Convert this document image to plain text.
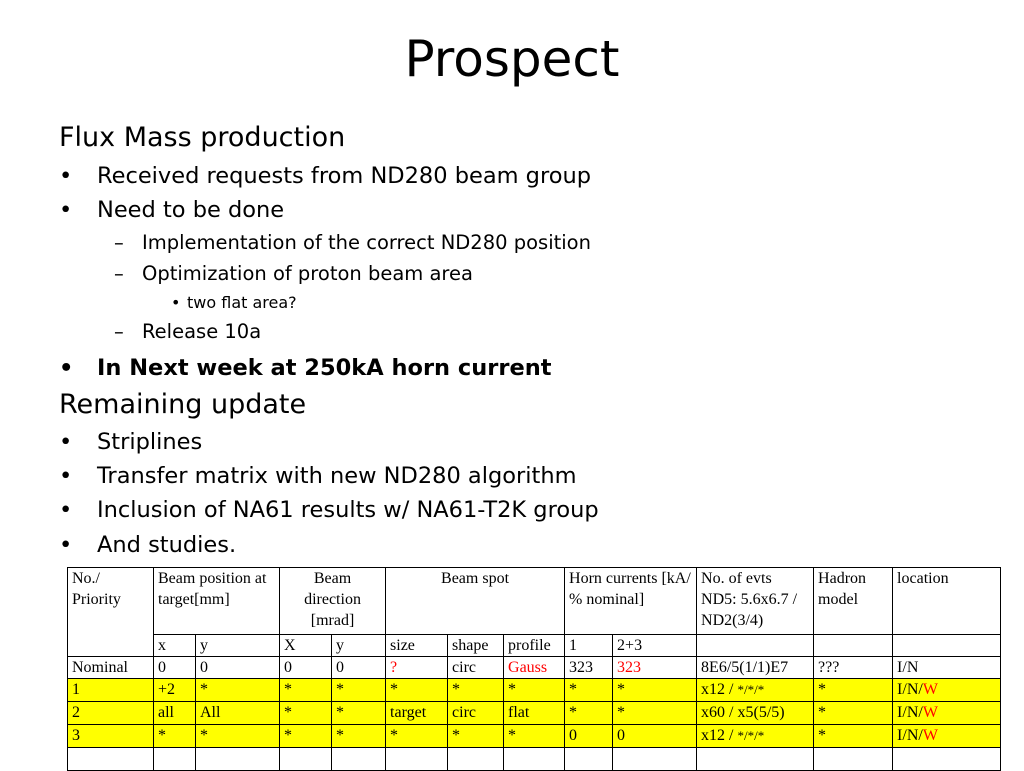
Prospect
Flux Mass production
• Received requests from ND280 beam group
• Need to be done
– Implementation of the correct ND280 position
– Optimization of proton beam area
• two flat area?
– Release 10a
• In Next week at 250kA horn current
Remaining update
• Striplines
• Transfer matrix with new ND280 algorithm
• Inclusion of NA61 results w/ NA61-T2K group
• And studies.
No./ Priority	Beam position at target[mm]		Beam direction [mrad]		Beam spot			Horn currents [kA/ % nominal]		No. of evts ND5: 5.6x6.7 / ND2(3/4)	Hadron model	location
	x	y	X	y	size	shape	profile	1	2+3			
Nominal	0	0	0	0	?	circ	Gauss	323	323	8E6/5(1/1)E7	???	I/N
1	+2	*	*	*	*	*	*	*	*	x12 / */*/*	*	I/N/W
2	all	All	*	*	target	circ	flat	*	*	x60 / x5(5/5)	*	I/N/W
3	*	*	*	*	*	*	*	0	0	x12 / */*/*	*	I/N/W
